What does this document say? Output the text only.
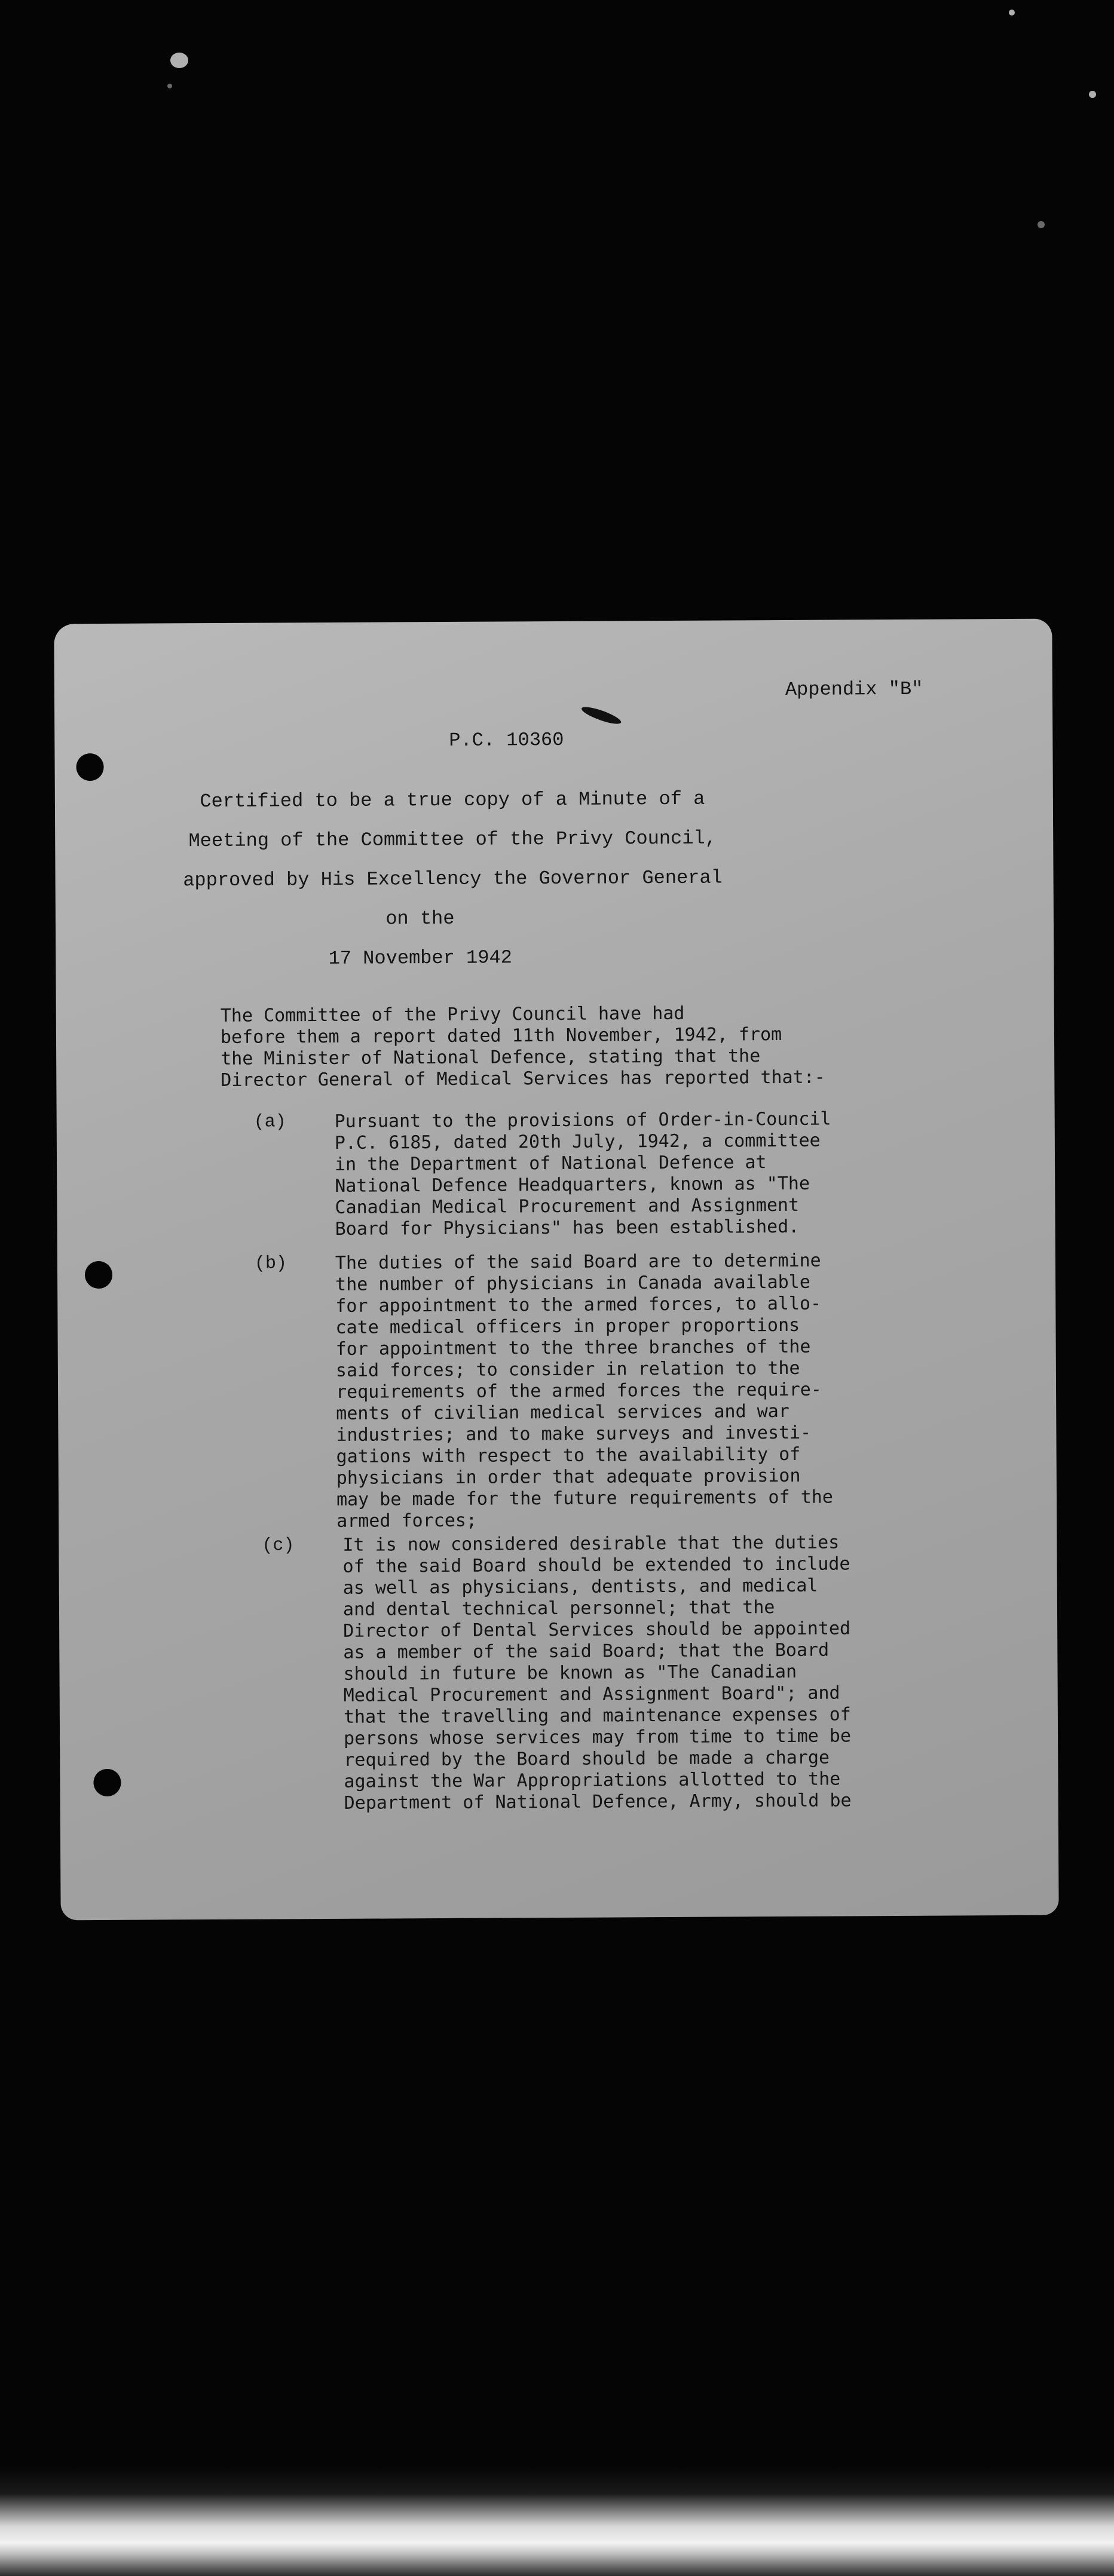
Appendix "B"
P.C. 10360
Certified to be a true copy of a Minute of a
Meeting of the Committee of the Privy Council,
approved by His Excellency the Governor General
on the
17 November 1942
The Committee of the Privy Council have had
before them a report dated 11th November, 1942, from
the Minister of National Defence, stating that the
Director General of Medical Services has reported that:-
(a)	Pursuant to the provisions of Order-in-Council
P.C. 6185, dated 20th July, 1942, a committee
in the Department of National Defence at
National Defence Headquarters, known as "The
Canadian Medical Procurement and Assignment
Board for Physicians" has been established.
(b)	The duties of the said Board are to determine
the number of physicians in Canada available
for appointment to the armed forces, to allo-
cate medical officers in proper proportions
for appointment to the three branches of the
said forces; to consider in relation to the
requirements of the armed forces the require-
ments of civilian medical services and war
industries; and to make surveys and investi-
gations with respect to the availability of
physicians in order that adequate provision
may be made for the future requirements of the
armed forces;
(c)	It is now considered desirable that the duties
of the said Board should be extended to include
as well as physicians, dentists, and medical
and dental technical personnel; that the
Director of Dental Services should be appointed
as a member of the said Board; that the Board
should in future be known as "The Canadian
Medical Procurement and Assignment Board"; and
that the travelling and maintenance expenses of
persons whose services may from time to time be
required by the Board should be made a charge
against the War Appropriations allotted to the
Department of National Defence, Army, should be
